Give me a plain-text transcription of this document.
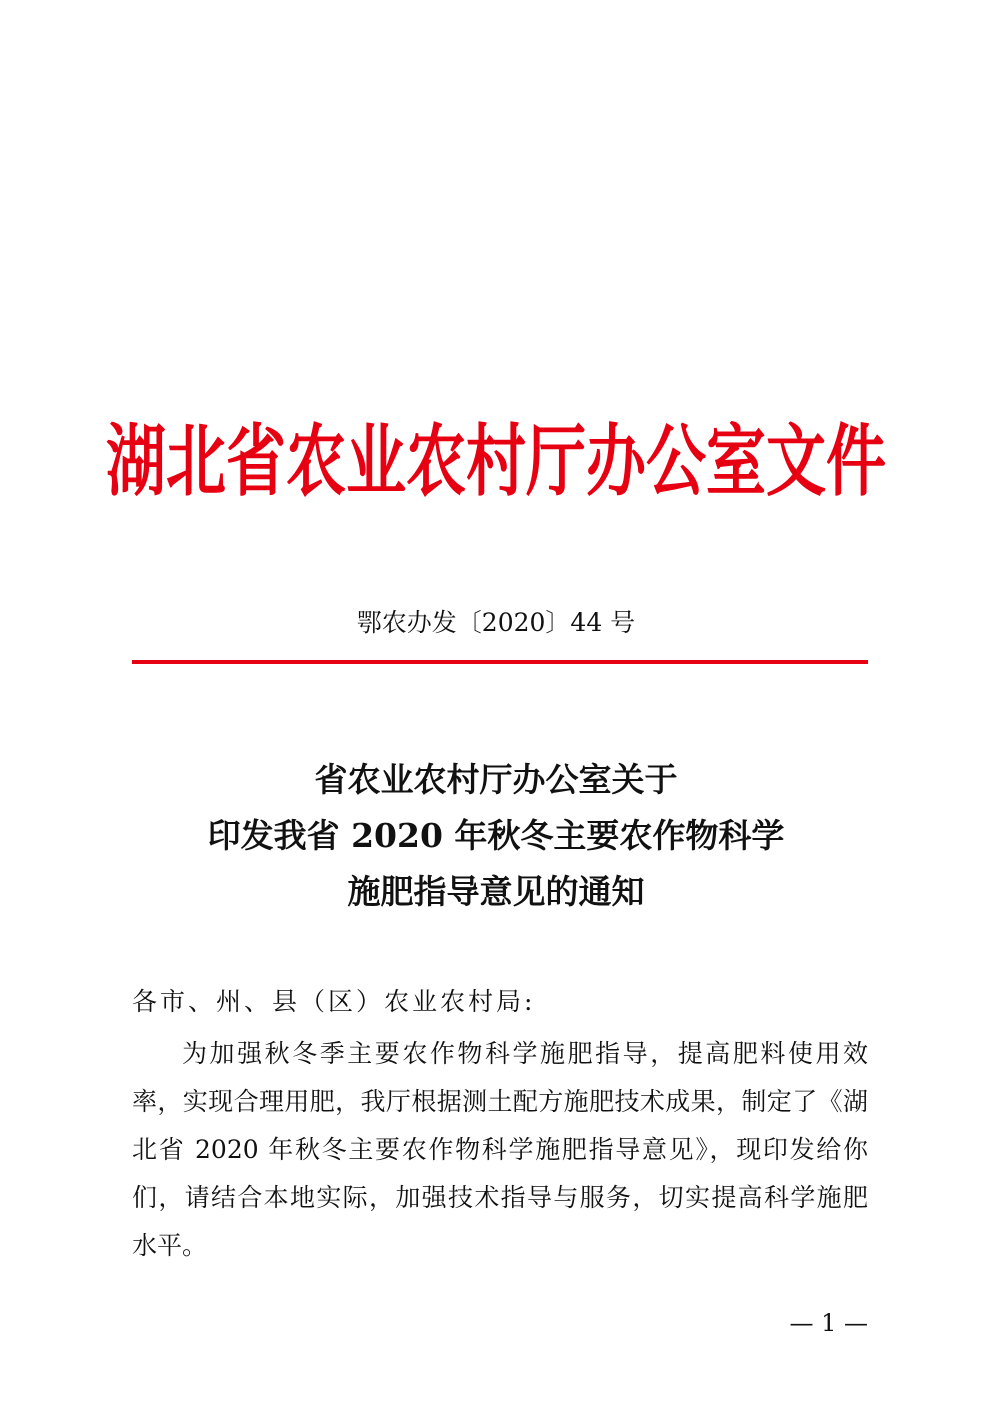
湖北省农业农村厅办公室文件
鄂农办发〔2020〕44 号
省农业农村厅办公室关于
印发我省 2020 年秋冬主要农作物科学
施肥指导意见的通知
各市、州、县（区）农业农村局:
为加强秋冬季主要农作物科学施肥指导，提高肥料使用效
率，实现合理用肥，我厅根据测土配方施肥技术成果，制定了《湖
北省 2020 年秋冬主要农作物科学施肥指导意见》，现印发给你
们，请结合本地实际，加强技术指导与服务，切实提高科学施肥
水平。
— 1 —
